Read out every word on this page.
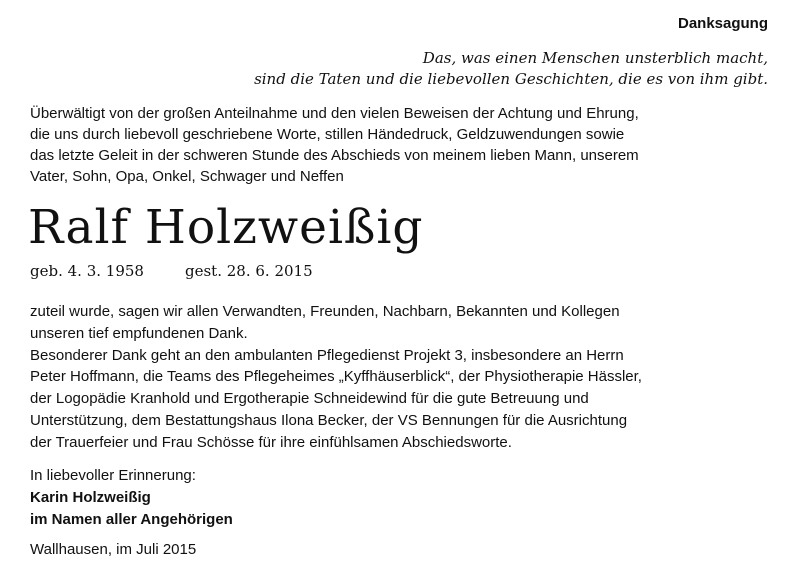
Danksagung

Das, was einen Menschen unsterblich macht,
sind die Taten und die liebevollen Geschichten, die es von ihm gibt.

Überwältigt von der großen Anteilnahme und den vielen Beweisen der Achtung und Ehrung,
die uns durch liebevoll geschriebene Worte, stillen Händedruck, Geldzuwendungen sowie
das letzte Geleit in der schweren Stunde des Abschieds von meinem lieben Mann, unserem
Vater, Sohn, Opa, Onkel, Schwager und Neffen

Ralf Holzweißig

geb. 4. 3. 1958	gest. 28. 6. 2015

zuteil wurde, sagen wir allen Verwandten, Freunden, Nachbarn, Bekannten und Kollegen
unseren tief empfundenen Dank.
Besonderer Dank geht an den ambulanten Pflegedienst Projekt 3, insbesondere an Herrn
Peter Hoffmann, die Teams des Pflegeheimes „Kyffhäuserblick“, der Physiotherapie Hässler,
der Logopädie Kranhold und Ergotherapie Schneidewind für die gute Betreuung und
Unterstützung, dem Bestattungshaus Ilona Becker, der VS Bennungen für die Ausrichtung
der Trauerfeier und Frau Schösse für ihre einfühlsamen Abschiedsworte.

In liebevoller Erinnerung:
Karin Holzweißig
im Namen aller Angehörigen

Wallhausen, im Juli 2015
